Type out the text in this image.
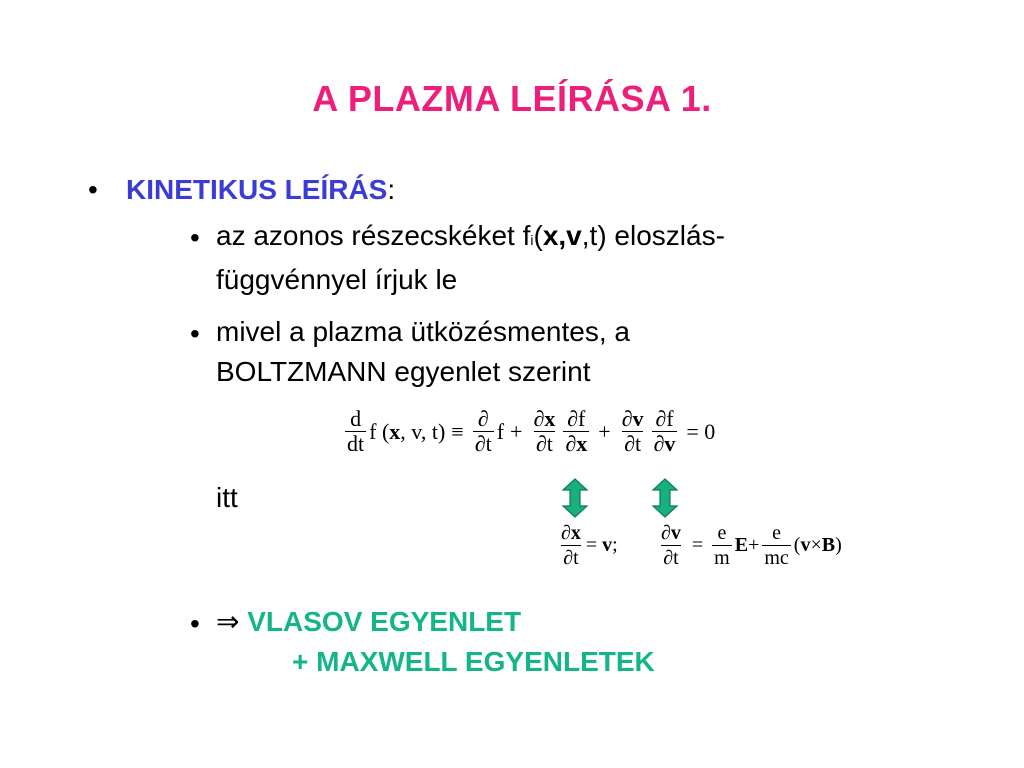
A PLAZMA LEÍRÁSA 1.
• KINETIKUS LEÍRÁS:
• az azonos részecskéket fi(x,v,t) eloszlás-
függvénnyel írjuk le
• mivel a plazma ütközésmentes, a
BOLTZMANN egyenlet szerint
$\frac{d}{dt}$ f ( x , v, $t) \equiv \frac{\partial}{\partial t}$ $f + \frac{\partial x}{\partial t} \frac{\partial f}{\partial x} + \frac{\partial v}{\partial t} \frac{\partial f}{\partial v} = 0$
itt
$\frac{\partial x}{\partial t} = v$ ; $\frac{\partial v}{\partial t} = \frac{e}{m}$ $E + \frac{e}{mc}$ ( v × B )
• ⇒ VLASOV EGYENLET
+ MAXWELL EGYENLETEK
